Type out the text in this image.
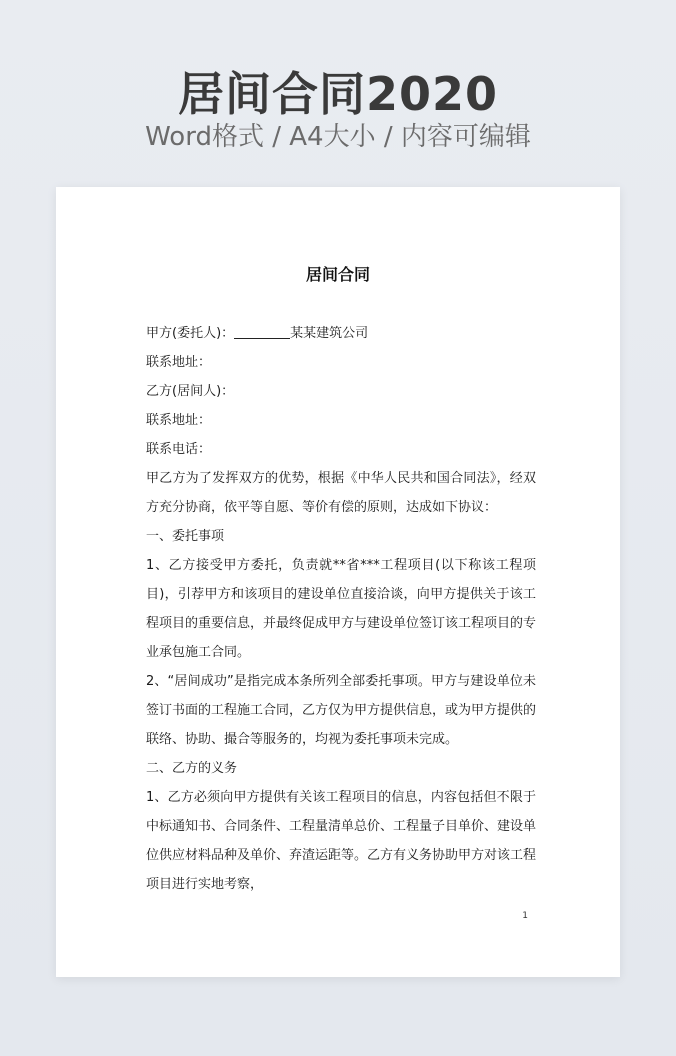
居间合同2020
Word格式 / A4大小 / 内容可编辑
居间合同

甲方(委托人)：	某某建筑公司

联系地址：

乙方(居间人)：

联系地址：

联系电话：

甲乙方为了发挥双方的优势，根据《中华人民共和国合同法》，经双方充分协商，依平等自愿、等价有偿的原则，达成如下协议：

一、委托事项

1、乙方接受甲方委托，负责就**省***工程项目(以下称该工程项目)，引荐甲方和该项目的建设单位直接洽谈，向甲方提供关于该工程项目的重要信息，并最终促成甲方与建设单位签订该工程项目的专业承包施工合同。

2、“居间成功”是指完成本条所列全部委托事项。甲方与建设单位未签订书面的工程施工合同，乙方仅为甲方提供信息，或为甲方提供的联络、协助、撮合等服务的，均视为委托事项未完成。

二、乙方的义务

1、乙方必须向甲方提供有关该工程项目的信息，内容包括但不限于中标通知书、合同条件、工程量清单总价、工程量子目单价、建设单位供应材料品种及单价、弃渣运距等。乙方有义务协助甲方对该工程项目进行实地考察，

1
